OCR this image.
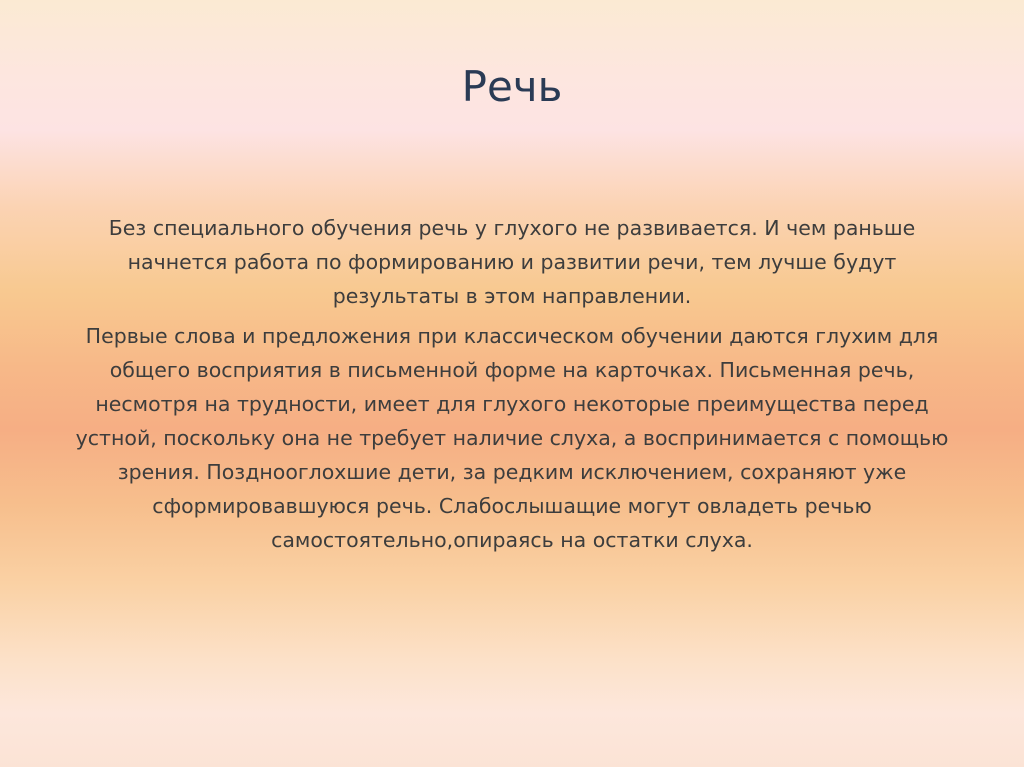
Речь

Без специального обучения речь у глухого не развивается. И чем раньше начнется работа по формированию и развитии речи, тем лучше будут результаты в этом направлении.

Первые слова и предложения при классическом обучении даются глухим для общего восприятия в письменной форме на карточках. Письменная речь, несмотря на трудности, имеет для глухого некоторые преимущества перед устной, поскольку она не требует наличие слуха, а воспринимается с помощью зрения. Позднооглохшие дети, за редким исключением, сохраняют уже сформировавшуюся речь. Слабослышащие могут овладеть речью самостоятельно,опираясь на остатки слуха.
